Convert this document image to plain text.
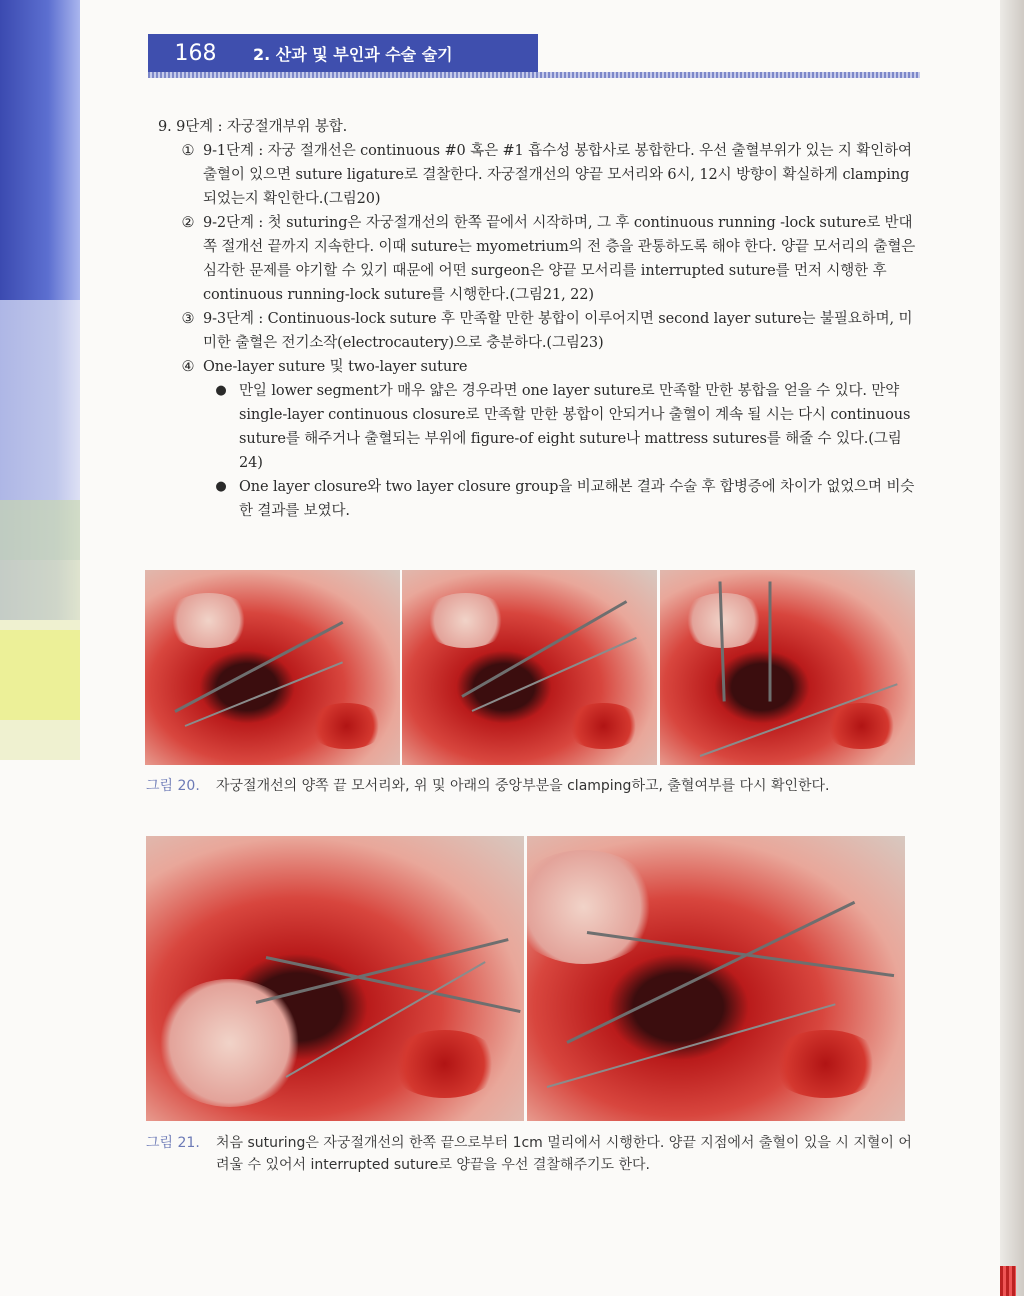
168	2. 산과 및 부인과 수술 술기

9. 9단계 : 자궁절개부위 봉합.

① 9-1단계 : 자궁 절개선은 continuous #0 혹은 #1 흡수성 봉합사로 봉합한다. 우선 출혈부위가 있는 지 확인하여 출혈이 있으면 suture ligature로 결찰한다. 자궁절개선의 양끝 모서리와 6시, 12시 방향이 확실하게 clamping되었는지 확인한다.(그림20)
② 9-2단계 : 첫 suturing은 자궁절개선의 한쪽 끝에서 시작하며, 그 후 continuous running -lock suture로 반대쪽 절개선 끝까지 지속한다. 이때 suture는 myometrium의 전 층을 관통하도록 해야 한다. 양끝 모서리의 출혈은 심각한 문제를 야기할 수 있기 때문에 어떤 surgeon은 양끝 모서리를 interrupted suture를 먼저 시행한 후 continuous running-lock suture를 시행한다.(그림21, 22)
③ 9-3단계 : Continuous-lock suture 후 만족할 만한 봉합이 이루어지면 second layer suture는 불필요하며, 미미한 출혈은 전기소작(electrocautery)으로 충분하다.(그림23)
④ One-layer suture 및 two-layer suture
● 만일 lower segment가 매우 얇은 경우라면 one layer suture로 만족할 만한 봉합을 얻을 수 있다. 만약 single-layer continuous closure로 만족할 만한 봉합이 안되거나 출혈이 계속 될 시는 다시 continuous suture를 해주거나 출혈되는 부위에 figure-of eight suture나 mattress sutures를 해줄 수 있다.(그림24)
● One layer closure와 two layer closure group을 비교해본 결과 수술 후 합병증에 차이가 없었으며 비슷한 결과를 보였다.
그림 20.	자궁절개선의 양쪽 끝 모서리와, 위 및 아래의 중앙부분을 clamping하고, 출혈여부를 다시 확인한다.
그림 21.	처음 suturing은 자궁절개선의 한쪽 끝으로부터 1cm 멀리에서 시행한다. 양끝 지점에서 출혈이 있을 시 지혈이 어려울 수 있어서 interrupted suture로 양끝을 우선 결찰해주기도 한다.
